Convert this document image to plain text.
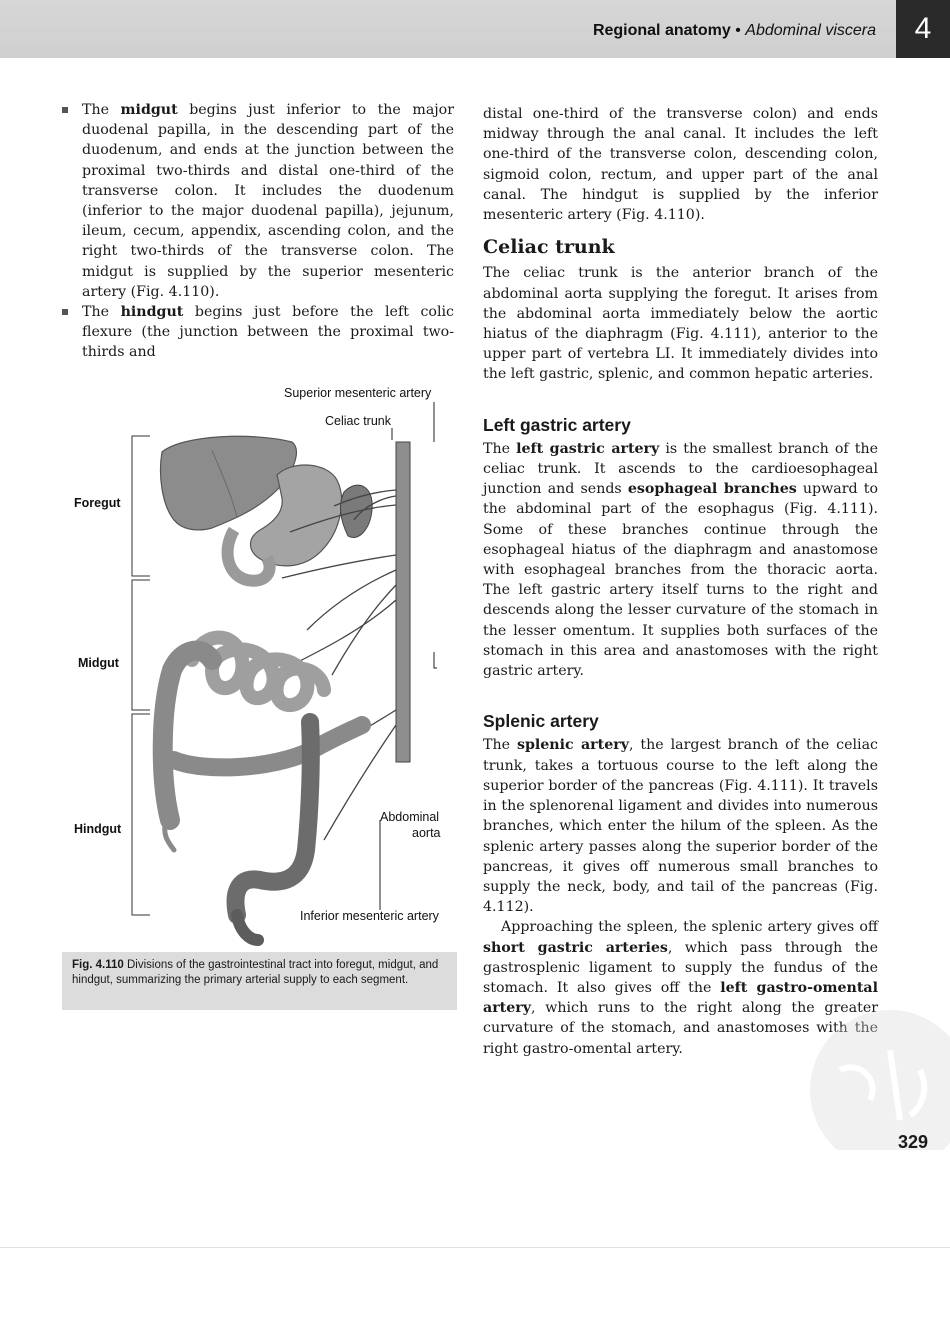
Regional anatomy • Abdominal viscera	4
The midgut begins just inferior to the major duodenal papilla, in the descending part of the duodenum, and ends at the junction between the proximal two-thirds and distal one-third of the transverse colon. It includes the duodenum (inferior to the major duodenal papilla), jejunum, ileum, cecum, appendix, ascending colon, and the right two-thirds of the transverse colon. The midgut is supplied by the superior mesenteric artery (Fig. 4.110).
The hindgut begins just before the left colic flexure (the junction between the proximal two-thirds and
Superior mesenteric artery
Celiac trunk
Foregut
Midgut
Hindgut
Abdominal
aorta
Inferior mesenteric artery
Fig. 4.110 Divisions of the gastrointestinal tract into foregut, midgut, and hindgut, summarizing the primary arterial supply to each segment.

distal one-third of the transverse colon) and ends midway through the anal canal. It includes the left one-third of the transverse colon, descending colon, sigmoid colon, rectum, and upper part of the anal canal. The hindgut is supplied by the inferior mesenteric artery (Fig. 4.110).

Celiac trunk

The celiac trunk is the anterior branch of the abdominal aorta supplying the foregut. It arises from the abdominal aorta immediately below the aortic hiatus of the diaphragm (Fig. 4.111), anterior to the upper part of vertebra LI. It immediately divides into the left gastric, splenic, and common hepatic arteries.

Left gastric artery

The left gastric artery is the smallest branch of the celiac trunk. It ascends to the cardioesophageal junction and sends esophageal branches upward to the abdominal part of the esophagus (Fig. 4.111). Some of these branches continue through the esophageal hiatus of the diaphragm and anastomose with esophageal branches from the thoracic aorta. The left gastric artery itself turns to the right and descends along the lesser curvature of the stomach in the lesser omentum. It supplies both surfaces of the stomach in this area and anastomoses with the right gastric artery.

Splenic artery

The splenic artery, the largest branch of the celiac trunk, takes a tortuous course to the left along the superior border of the pancreas (Fig. 4.111). It travels in the splenorenal ligament and divides into numerous branches, which enter the hilum of the spleen. As the splenic artery passes along the superior border of the pancreas, it gives off numerous small branches to supply the neck, body, and tail of the pancreas (Fig. 4.112).

Approaching the spleen, the splenic artery gives off short gastric arteries, which pass through the gastrosplenic ligament to supply the fundus of the stomach. It also gives off the left gastro-omental artery, which runs to the right along the greater curvature of the stomach, and anastomoses with the right gastro-omental artery.

329
